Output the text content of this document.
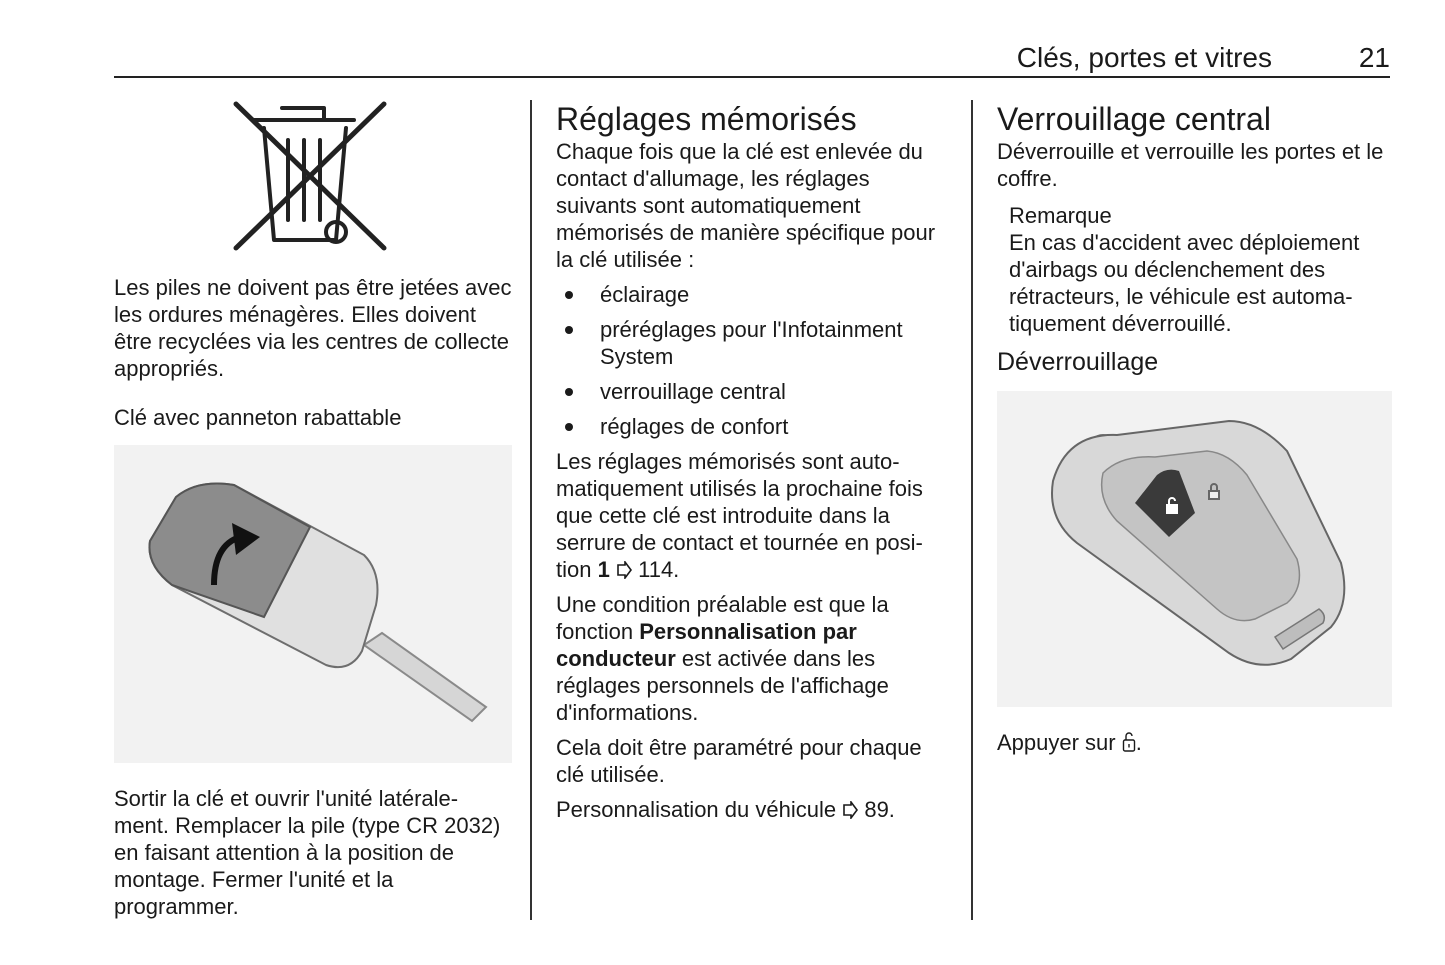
Clés, portes et vitres	21

Les piles ne doivent pas être jetées avec les ordures ménagères. Elles doivent être recyclées via les centres de collecte appropriés.

Clé avec panneton rabattable

Sortir la clé et ouvrir l'unité latérale-ment. Remplacer la pile (type CR 2032) en faisant attention à la position de montage. Fermer l'unité et la programmer.

Réglages mémorisés

Chaque fois que la clé est enlevée du contact d'allumage, les réglages suivants sont automatiquement mémorisés de manière spécifique pour la clé utilisée :

éclairage
préréglages pour l'Infotainment System
verrouillage central
réglages de confort

Les réglages mémorisés sont auto-matiquement utilisés la prochaine fois que cette clé est introduite dans la serrure de contact et tournée en posi-tion 1 114.

Une condition préalable est que la fonction Personnalisation par conducteur est activée dans les réglages personnels de l'affichage d'informations.

Cela doit être paramétré pour chaque clé utilisée.

Personnalisation du véhicule 89.

Verrouillage central

Déverrouille et verrouille les portes et le coffre.

Remarque

En cas d'accident avec déploiement d'airbags ou déclenchement des rétracteurs, le véhicule est automa-tiquement déverrouillé.

Déverrouillage

Appuyer sur .
